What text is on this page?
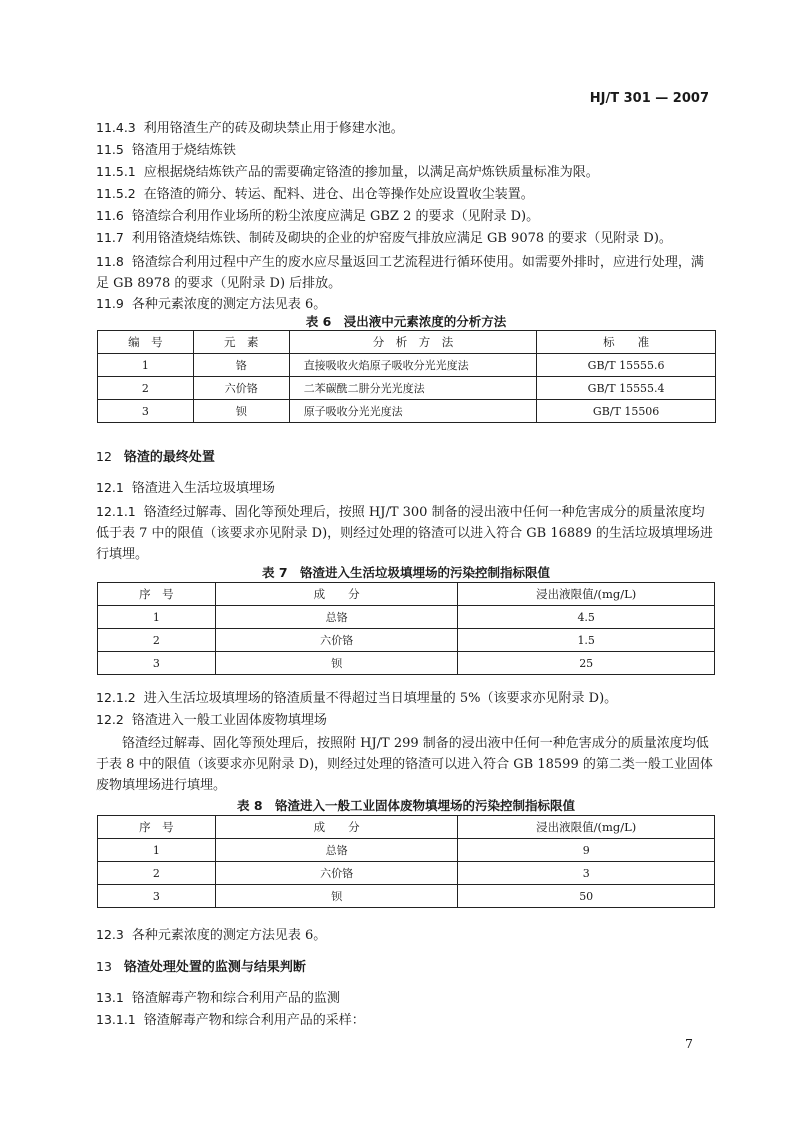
HJ/T 301 — 2007
11.4.3 利用铬渣生产的砖及砌块禁止用于修建水池。
11.5 铬渣用于烧结炼铁
11.5.1 应根据烧结炼铁产品的需要确定铬渣的掺加量，以满足高炉炼铁质量标准为限。
11.5.2 在铬渣的筛分、转运、配料、进仓、出仓等操作处应设置收尘装置。
11.6 铬渣综合利用作业场所的粉尘浓度应满足 GBZ 2 的要求（见附录 D)。
11.7 利用铬渣烧结炼铁、制砖及砌块的企业的炉窑废气排放应满足 GB 9078 的要求（见附录 D)。
11.8 铬渣综合利用过程中产生的废水应尽量返回工艺流程进行循环使用。如需要外排时，应进行处理，满足 GB 8978 的要求（见附录 D) 后排放。
11.9 各种元素浓度的测定方法见表 6。
表 6　浸出液中元素浓度的分析方法
编　号	元　素	分　析　方　法	标　　准
1	铬	直接吸收火焰原子吸收分光光度法	GB/T 15555.6
2	六价铬	二苯碳酰二肼分光光度法	GB/T 15555.4
3	钡	原子吸收分光光度法	GB/T 15506
12 铬渣的最终处置
12.1 铬渣进入生活垃圾填埋场
12.1.1 铬渣经过解毒、固化等预处理后，按照 HJ/T 300 制备的浸出液中任何一种危害成分的质量浓度均低于表 7 中的限值（该要求亦见附录 D)，则经过处理的铬渣可以进入符合 GB 16889 的生活垃圾填埋场进行填埋。
表 7　铬渣进入生活垃圾填埋场的污染控制指标限值
序　号	成　　分	浸出液限值/(mg/L)
1	总铬	4.5
2	六价铬	1.5
3	钡	25
12.1.2 进入生活垃圾填埋场的铬渣质量不得超过当日填埋量的 5%（该要求亦见附录 D)。
12.2 铬渣进入一般工业固体废物填埋场
铬渣经过解毒、固化等预处理后，按照附 HJ/T 299 制备的浸出液中任何一种危害成分的质量浓度均低于表 8 中的限值（该要求亦见附录 D)，则经过处理的铬渣可以进入符合 GB 18599 的第二类一般工业固体废物填埋场进行填埋。
表 8　铬渣进入一般工业固体废物填埋场的污染控制指标限值
序　号	成　　分	浸出液限值/(mg/L)
1	总铬	9
2	六价铬	3
3	钡	50
12.3 各种元素浓度的测定方法见表 6。
13 铬渣处理处置的监测与结果判断
13.1 铬渣解毒产物和综合利用产品的监测
13.1.1 铬渣解毒产物和综合利用产品的采样：
7
